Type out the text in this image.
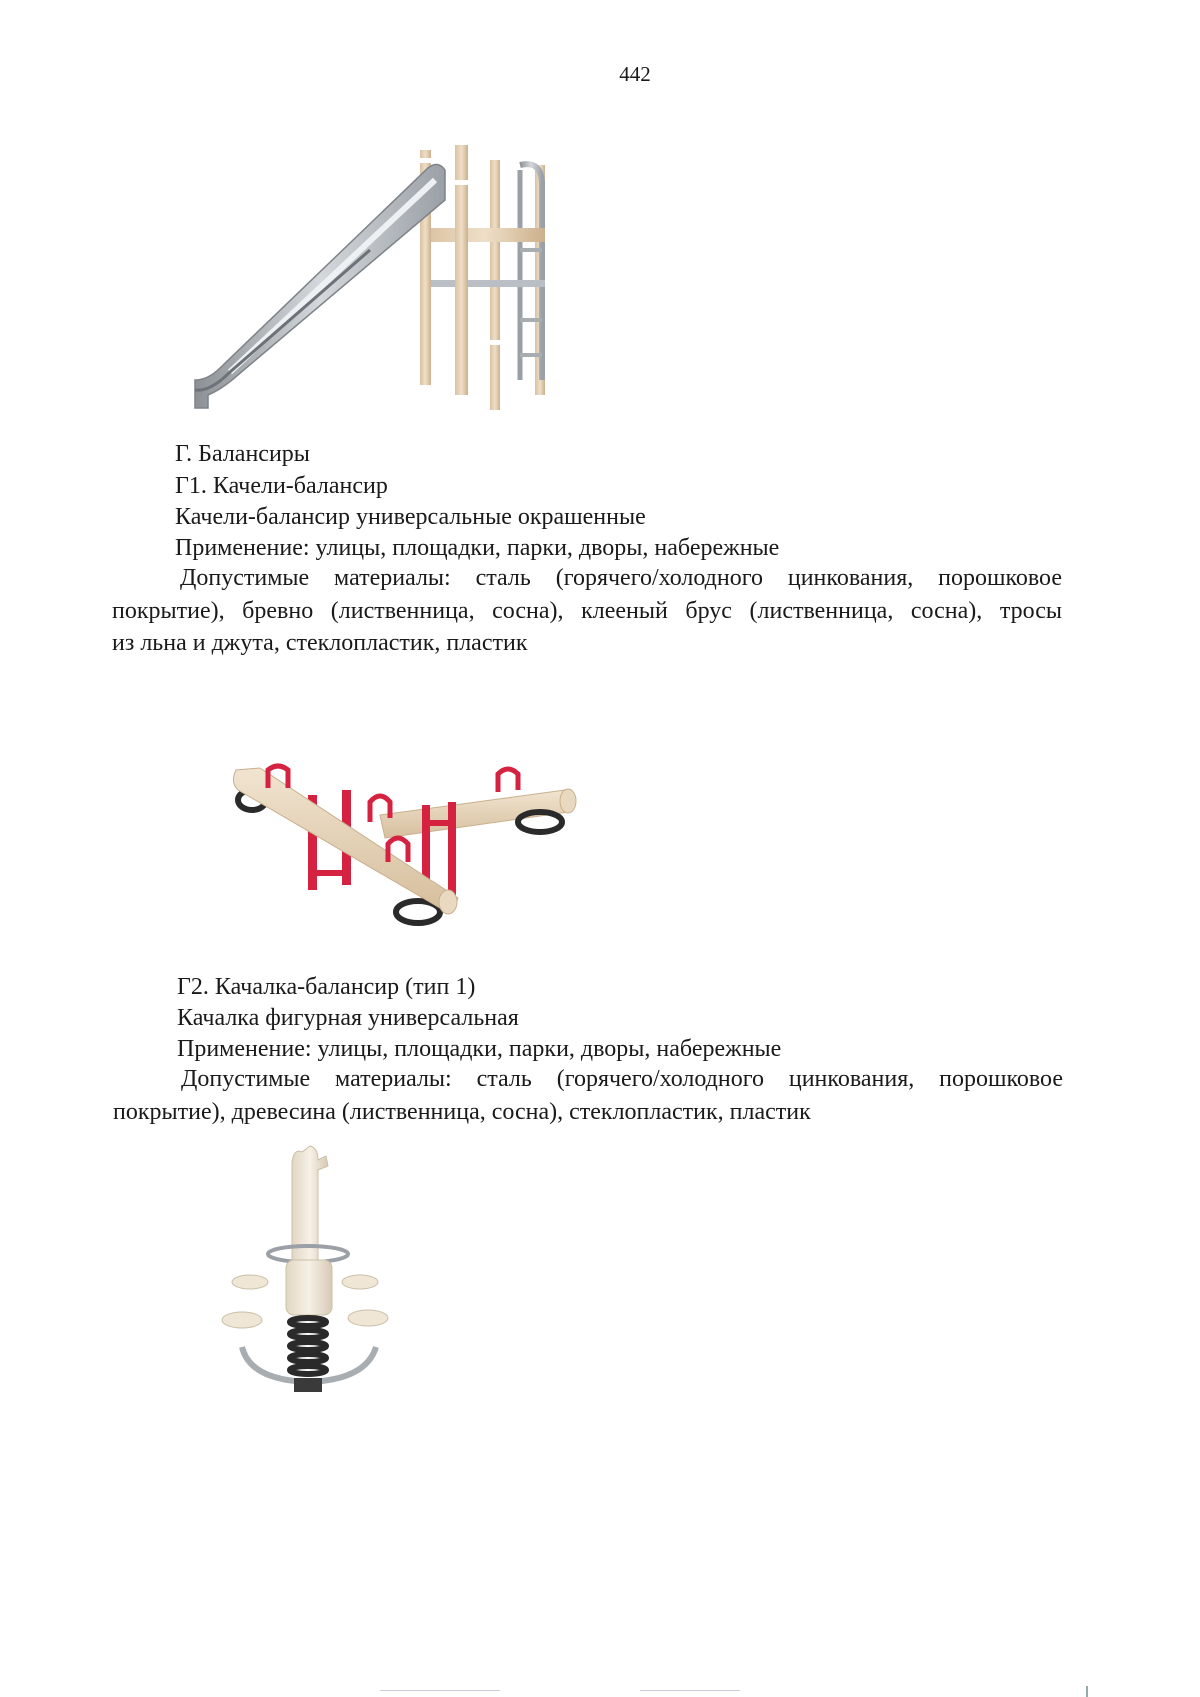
442
Г. Балансиры
Г1. Качели-балансир
Качели-балансир универсальные окрашенные
Применение: улицы, площадки, парки, дворы, набережные
Допустимые материалы: сталь (горячего/холодного цинкования, порошковое
покрытие), бревно (лиственница, сосна), клееный брус (лиственница, сосна), тросы
из льна и джута, стеклопластик, пластик
Г2. Качалка-балансир (тип 1)
Качалка фигурная универсальная
Применение: улицы, площадки, парки, дворы, набережные
Допустимые материалы: сталь (горячего/холодного цинкования, порошковое
покрытие), древесина (лиственница, сосна), стеклопластик, пластик
